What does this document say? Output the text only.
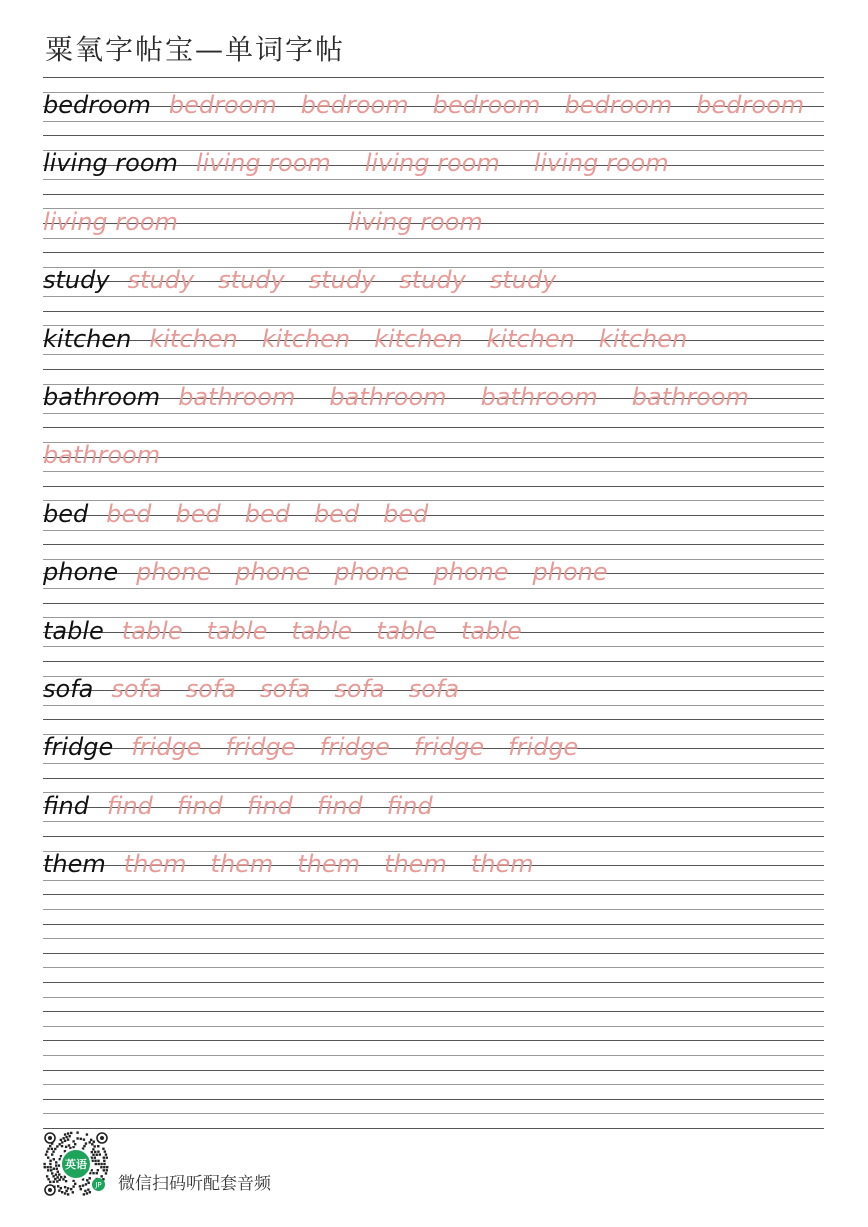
粟氧字帖宝—单词字帖
bedroom bedroom bedroom bedroom bedroom bedroom
living room living room living room living room
living room	living room
study study study study study study
kitchen kitchen kitchen kitchen kitchen kitchen
bathroom bathroom bathroom bathroom bathroom
bathroom
bed bed bed bed bed bed
phone phone phone phone phone phone
table table table table table table
sofa sofa sofa sofa sofa sofa
fridge fridge fridge fridge fridge fridge
find find find find find find
them them them them them them
英语
JP 微信扫码听配套音频
